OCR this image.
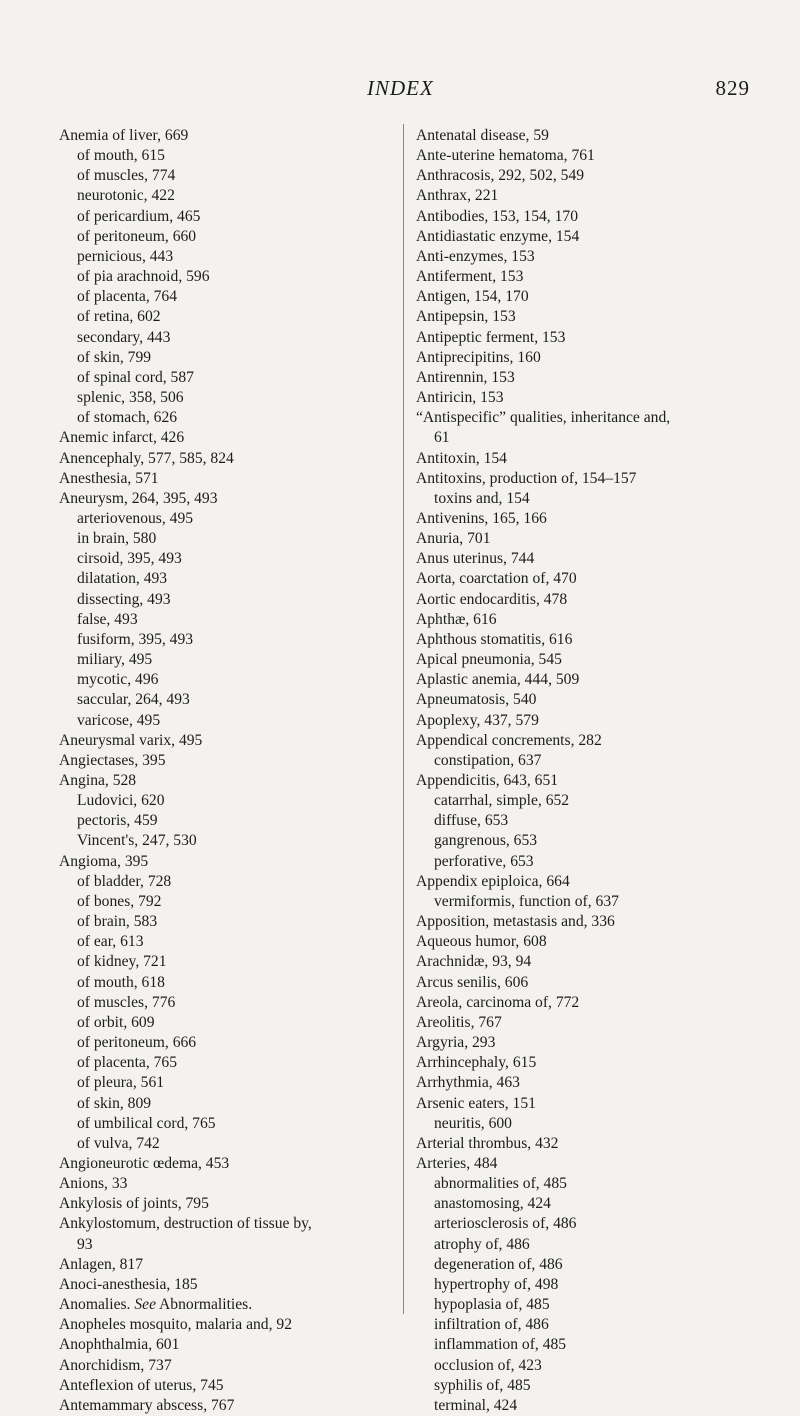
INDEX	829
Anemia of liver, 669
of mouth, 615
of muscles, 774
neurotonic, 422
of pericardium, 465
of peritoneum, 660
pernicious, 443
of pia arachnoid, 596
of placenta, 764
of retina, 602
secondary, 443
of skin, 799
of spinal cord, 587
splenic, 358, 506
of stomach, 626
Anemic infarct, 426
Anencephaly, 577, 585, 824
Anesthesia, 571
Aneurysm, 264, 395, 493
arteriovenous, 495
in brain, 580
cirsoid, 395, 493
dilatation, 493
dissecting, 493
false, 493
fusiform, 395, 493
miliary, 495
mycotic, 496
saccular, 264, 493
varicose, 495
Aneurysmal varix, 495
Angiectases, 395
Angina, 528
Ludovici, 620
pectoris, 459
Vincent's, 247, 530
Angioma, 395
of bladder, 728
of bones, 792
of brain, 583
of ear, 613
of kidney, 721
of mouth, 618
of muscles, 776
of orbit, 609
of peritoneum, 666
of placenta, 765
of pleura, 561
of skin, 809
of umbilical cord, 765
of vulva, 742
Angioneurotic œdema, 453
Anions, 33
Ankylosis of joints, 795
Ankylostomum, destruction of tissue by,
93
Anlagen, 817
Anoci-anesthesia, 185
Anomalies. See Abnormalities.
Anopheles mosquito, malaria and, 92
Anophthalmia, 601
Anorchidism, 737
Anteflexion of uterus, 745
Antemammary abscess, 767
Antenatal disease, 59
Ante-uterine hematoma, 761
Anthracosis, 292, 502, 549
Anthrax, 221
Antibodies, 153, 154, 170
Antidiastatic enzyme, 154
Anti-enzymes, 153
Antiferment, 153
Antigen, 154, 170
Antipepsin, 153
Antipeptic ferment, 153
Antiprecipitins, 160
Antirennin, 153
Antiricin, 153
“Antispecific” qualities, inheritance and,
61
Antitoxin, 154
Antitoxins, production of, 154–157
toxins and, 154
Antivenins, 165, 166
Anuria, 701
Anus uterinus, 744
Aorta, coarctation of, 470
Aortic endocarditis, 478
Aphthæ, 616
Aphthous stomatitis, 616
Apical pneumonia, 545
Aplastic anemia, 444, 509
Apneumatosis, 540
Apoplexy, 437, 579
Appendical concrements, 282
constipation, 637
Appendicitis, 643, 651
catarrhal, simple, 652
diffuse, 653
gangrenous, 653
perforative, 653
Appendix epiploica, 664
vermiformis, function of, 637
Apposition, metastasis and, 336
Aqueous humor, 608
Arachnidæ, 93, 94
Arcus senilis, 606
Areola, carcinoma of, 772
Areolitis, 767
Argyria, 293
Arrhincephaly, 615
Arrhythmia, 463
Arsenic eaters, 151
neuritis, 600
Arterial thrombus, 432
Arteries, 484
abnormalities of, 485
anastomosing, 424
arteriosclerosis of, 486
atrophy of, 486
degeneration of, 486
hypertrophy of, 498
hypoplasia of, 485
infiltration of, 486
inflammation of, 485
occlusion of, 423
syphilis of, 485
terminal, 424
